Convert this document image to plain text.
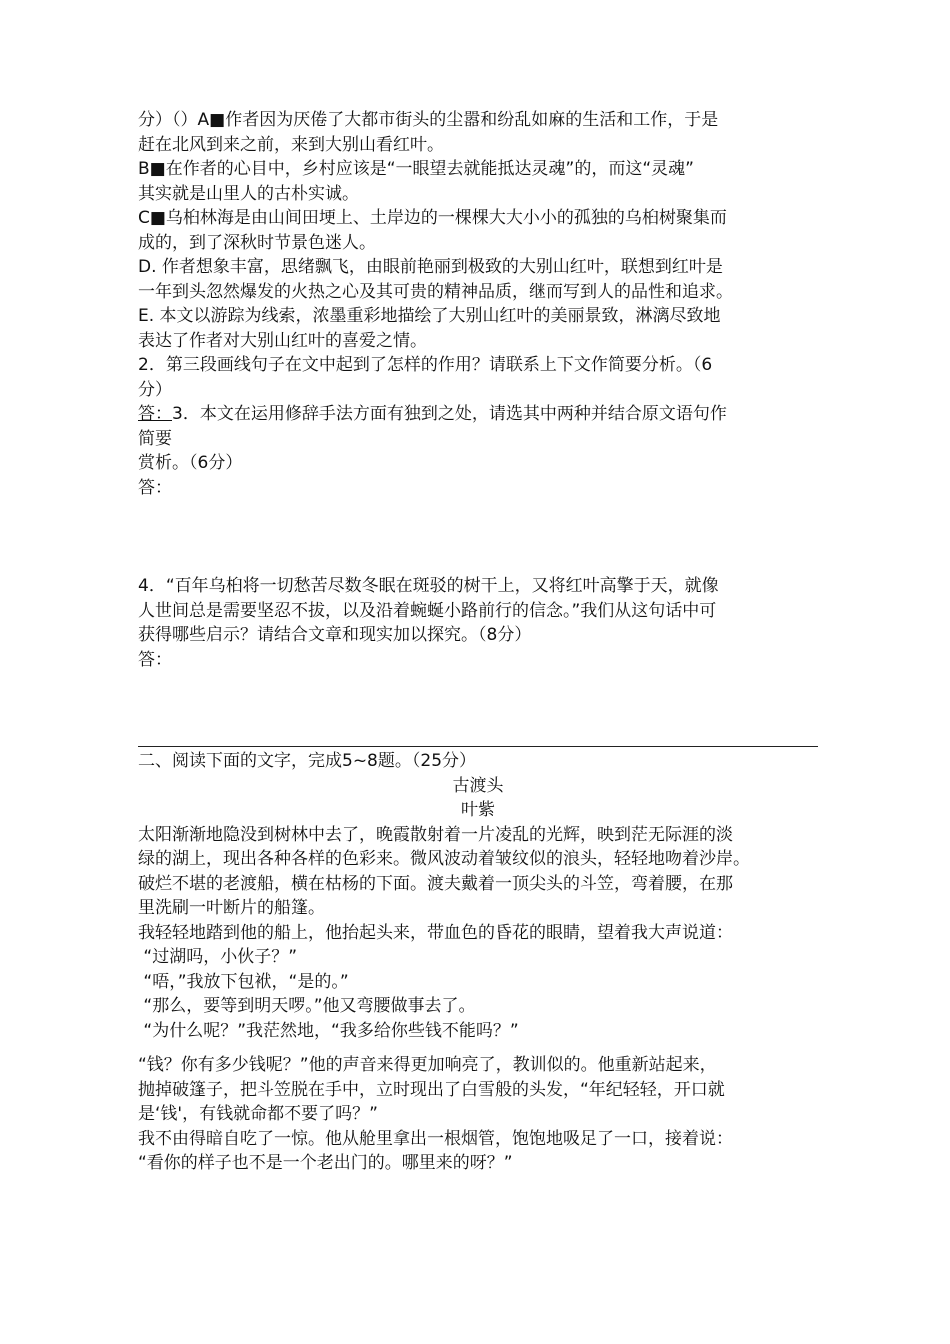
分）（）A■作者因为厌倦了大都市街头的尘嚣和纷乱如麻的生活和工作，于是

赶在北风到来之前，来到大别山看红叶。

B■在作者的心目中，乡村应该是“一眼望去就能抵达灵魂”的，而这“灵魂”

其实就是山里人的古朴实诚。

C■乌桕林海是由山间田埂上、土岸边的一棵棵大大小小的孤独的乌桕树聚集而

成的，到了深秋时节景色迷人。

D. 作者想象丰富，思绪飘飞，由眼前艳丽到极致的大别山红叶，联想到红叶是

一年到头忽然爆发的火热之心及其可贵的精神品质，继而写到人的品性和追求。

E. 本文以游踪为线索，浓墨重彩地描绘了大别山红叶的美丽景致，淋漓尽致地

表达了作者对大别山红叶的喜爱之情。

2．第三段画线句子在文中起到了怎样的作用？请联系上下文作简要分析。（6

分）

答：3．本文在运用修辞手法方面有独到之处，请选其中两种并结合原文语句作

简要

赏析。（6分）

答：

4．“百年乌桕将一切愁苦尽数冬眠在斑驳的树干上，又将红叶高擎于天，就像

人世间总是需要坚忍不拔，以及沿着蜿蜒小路前行的信念。”我们从这句话中可

获得哪些启示？请结合文章和现实加以探究。（8分）

答：

二、阅读下面的文字，完成5~8题。（25分）

古渡头

叶紫

太阳渐渐地隐没到树林中去了，晚霞散射着一片凌乱的光辉，映到茫无际涯的淡

绿的湖上，现出各种各样的色彩来。微风波动着皱纹似的浪头，轻轻地吻着沙岸。

破烂不堪的老渡船，横在枯杨的下面。渡夫戴着一顶尖头的斗笠，弯着腰，在那

里洗刷一叶断片的船篷。

我轻轻地踏到他的船上，他抬起头来，带血色的昏花的眼睛，望着我大声说道：

“过湖吗，小伙子？”

“唔，”我放下包袱，“是的。”

“那么，要等到明天啰。”他又弯腰做事去了。

“为什么呢？”我茫然地，“我多给你些钱不能吗？”

“钱？你有多少钱呢？”他的声音来得更加响亮了，教训似的。他重新站起来，

抛掉破篷子，把斗笠脱在手中，立时现出了白雪般的头发，“年纪轻轻，开口就

是‘钱'，有钱就命都不要了吗？”

我不由得暗自吃了一惊。他从舱里拿出一根烟管，饱饱地吸足了一口，接着说：

“看你的样子也不是一个老出门的。哪里来的呀？”
